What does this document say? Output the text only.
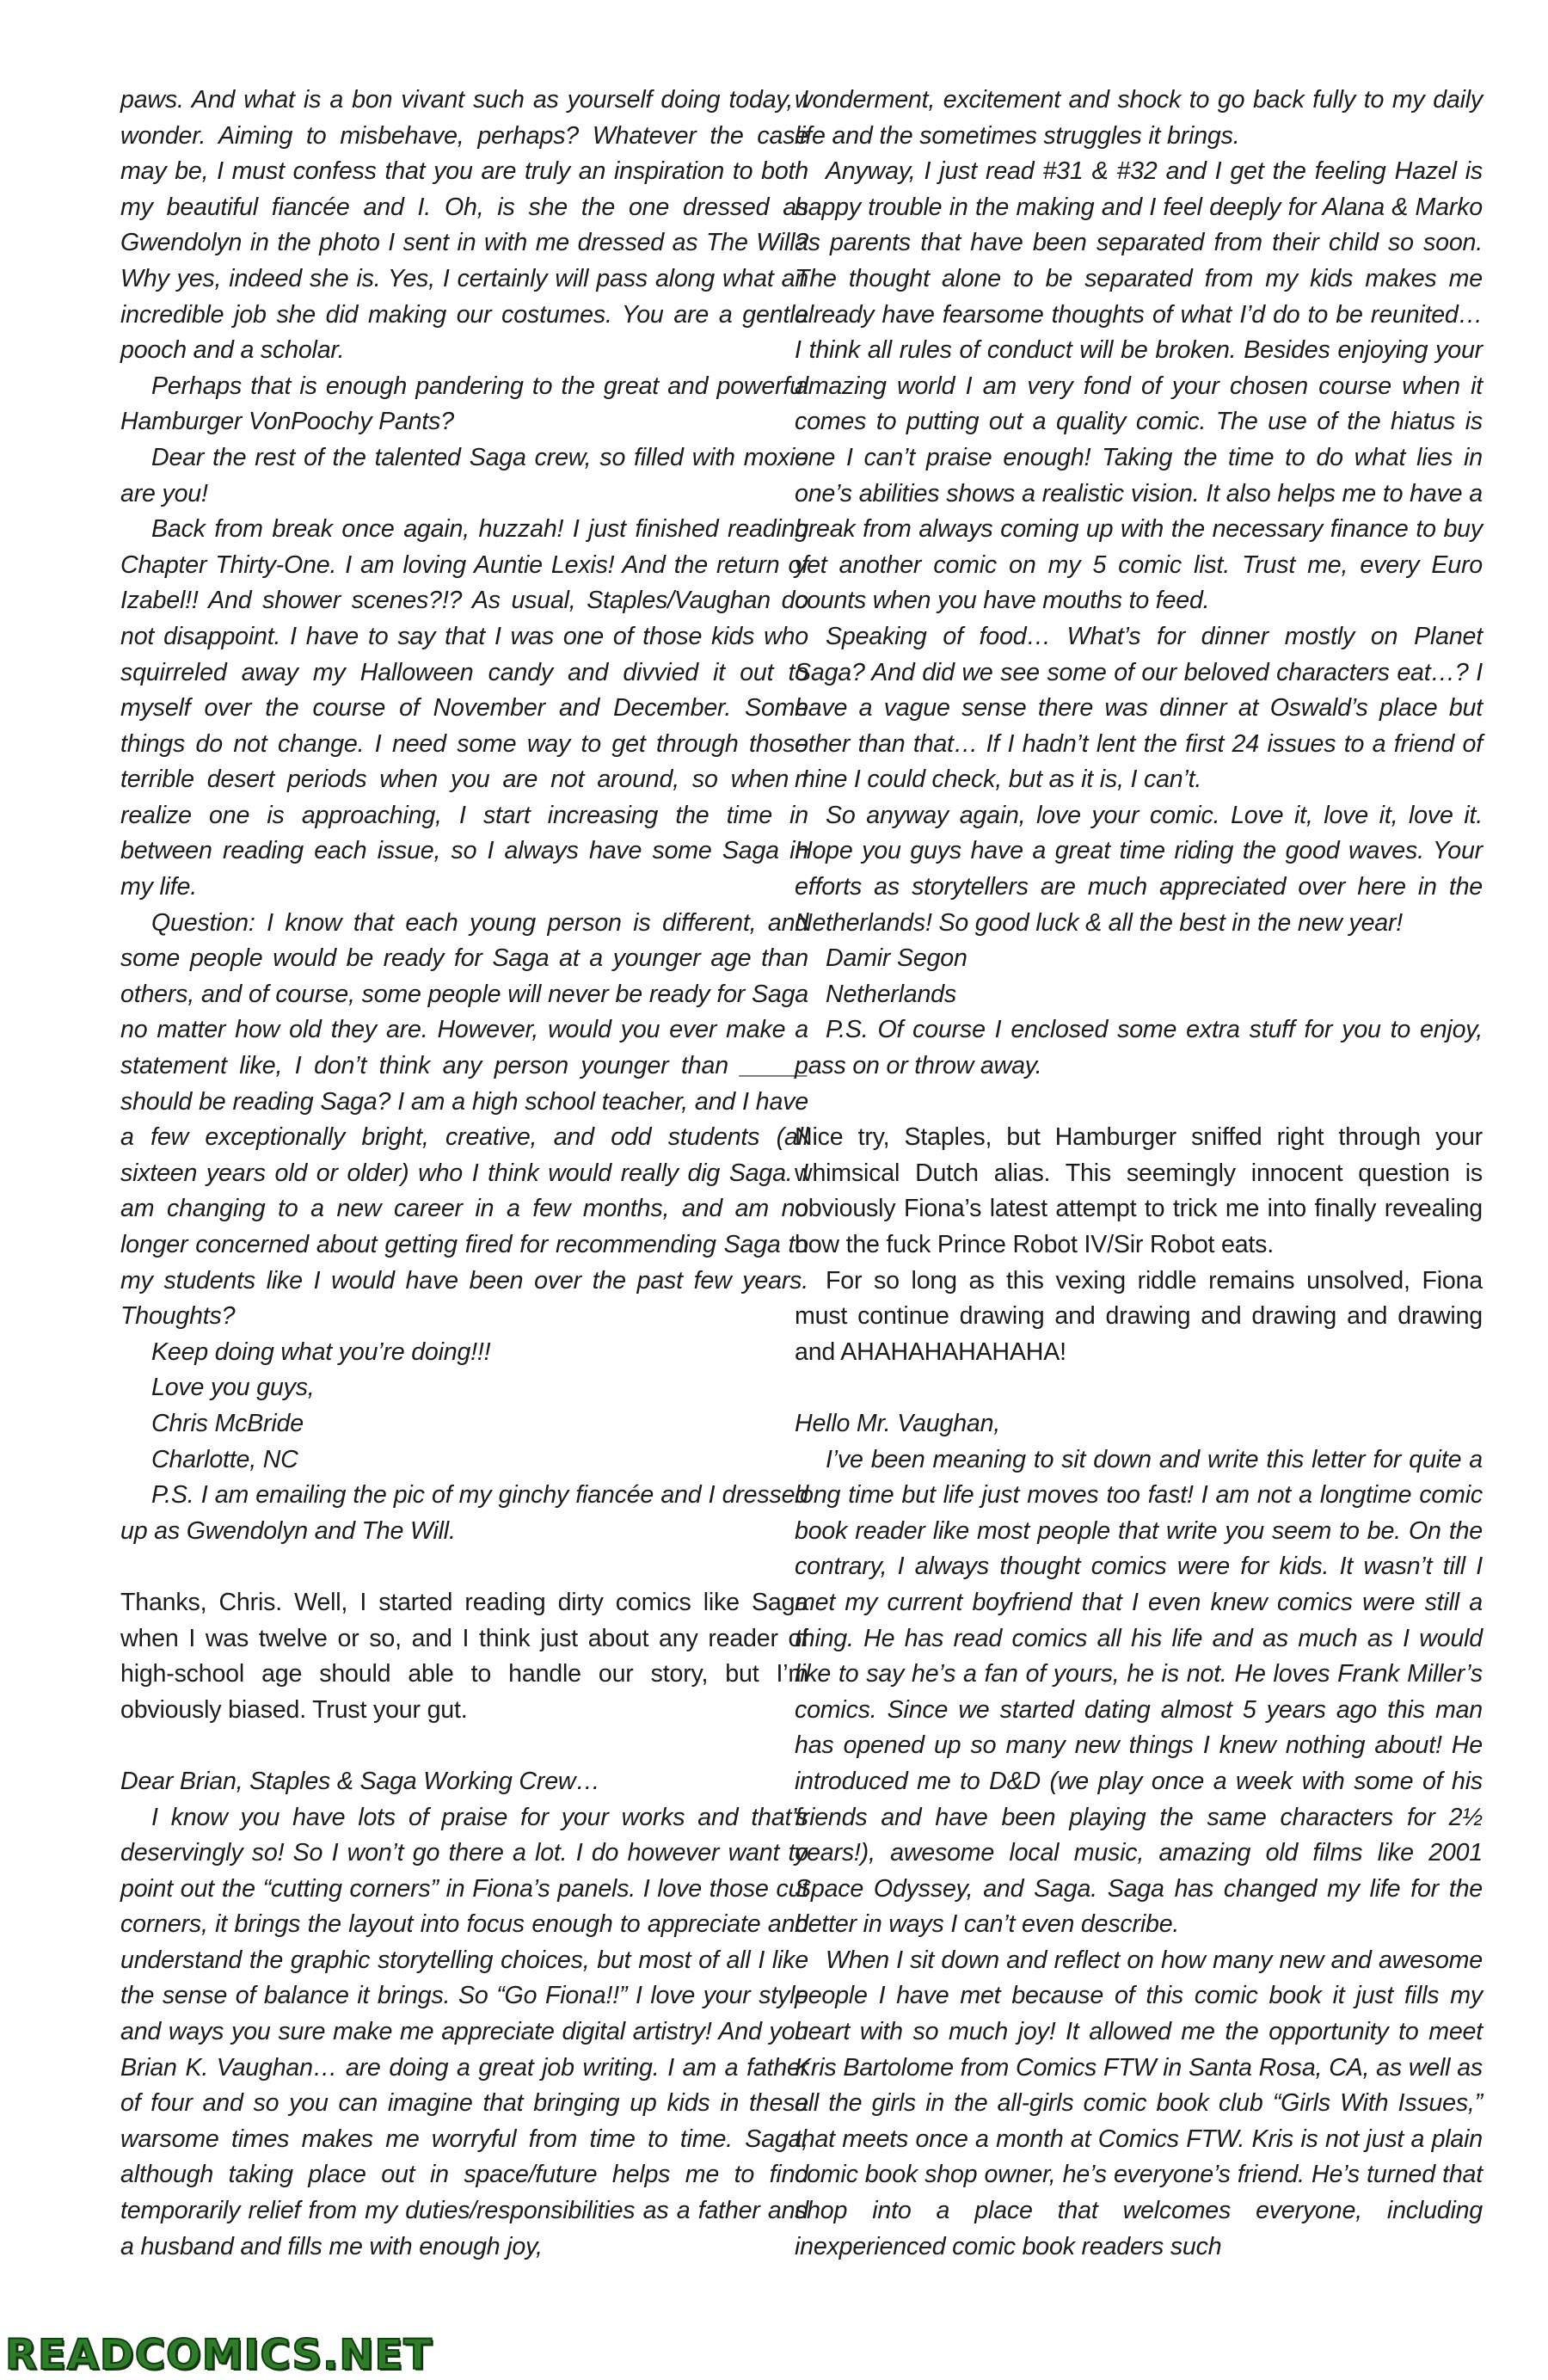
paws. And what is a bon vivant such as yourself doing today, I wonder. Aiming to misbehave, perhaps? Whatever the case may be, I must confess that you are truly an inspiration to both my beautiful fiancée and I. Oh, is she the one dressed as Gwendolyn in the photo I sent in with me dressed as The Will? Why yes, indeed she is. Yes, I certainly will pass along what an incredible job she did making our costumes. You are a gentle pooch and a scholar.

Perhaps that is enough pandering to the great and powerful Hamburger VonPoochy Pants?

Dear the rest of the talented Saga crew, so filled with moxie are you!

Back from break once again, huzzah! I just finished reading Chapter Thirty-One. I am loving Auntie Lexis! And the return of Izabel!! And shower scenes?!? As usual, Staples/Vaughan do not disappoint. I have to say that I was one of those kids who squirreled away my Halloween candy and divvied it out to myself over the course of November and December. Some things do not change. I need some way to get through those terrible desert periods when you are not around, so when I realize one is approaching, I start increasing the time in between reading each issue, so I always have some Saga in my life.

Question: I know that each young person is different, and some people would be ready for Saga at a younger age than others, and of course, some people will never be ready for Saga no matter how old they are. However, would you ever make a statement like, I don’t think any person younger than _____ should be reading Saga? I am a high school teacher, and I have a few exceptionally bright, creative, and odd students (all sixteen years old or older) who I think would really dig Saga. I am changing to a new career in a few months, and am no longer concerned about getting fired for recommending Saga to my students like I would have been over the past few years. Thoughts?

Keep doing what you’re doing!!!

Love you guys,

Chris McBride

Charlotte, NC

P.S. I am emailing the pic of my ginchy fiancée and I dressed up as Gwendolyn and The Will.

Thanks, Chris. Well, I started reading dirty comics like Saga when I was twelve or so, and I think just about any reader of high-school age should able to handle our story, but I’m obviously biased. Trust your gut.

Dear Brian, Staples & Saga Working Crew…

I know you have lots of praise for your works and that’s deservingly so! So I won’t go there a lot. I do however want to point out the “cutting corners” in Fiona’s panels. I love those cut corners, it brings the layout into focus enough to appreciate and understand the graphic storytelling choices, but most of all I like the sense of balance it brings. So “Go Fiona!!” I love your style and ways you sure make me appreciate digital artistry! And you Brian K. Vaughan… are doing a great job writing. I am a father of four and so you can imagine that bringing up kids in these warsome times makes me worryful from time to time. Saga, although taking place out in space/future helps me to find temporarily relief from my duties/responsibilities as a father and a husband and fills me with enough joy,

wonderment, excitement and shock to go back fully to my daily life and the sometimes struggles it brings.

Anyway, I just read #31 & #32 and I get the feeling Hazel is happy trouble in the making and I feel deeply for Alana & Marko as parents that have been separated from their child so soon. The thought alone to be separated from my kids makes me already have fearsome thoughts of what I’d do to be reunited… I think all rules of conduct will be broken. Besides enjoying your amazing world I am very fond of your chosen course when it comes to putting out a quality comic. The use of the hiatus is one I can’t praise enough! Taking the time to do what lies in one’s abilities shows a realistic vision. It also helps me to have a break from always coming up with the necessary finance to buy yet another comic on my 5 comic list. Trust me, every Euro counts when you have mouths to feed.

Speaking of food… What’s for dinner mostly on Planet Saga? And did we see some of our beloved characters eat…? I have a vague sense there was dinner at Oswald’s place but other than that… If I hadn’t lent the first 24 issues to a friend of mine I could check, but as it is, I can’t.

So anyway again, love your comic. Love it, love it, love it. Hope you guys have a great time riding the good waves. Your efforts as storytellers are much appreciated over here in the Netherlands! So good luck & all the best in the new year!

Damir Segon

Netherlands

P.S. Of course I enclosed some extra stuff for you to enjoy, pass on or throw away.

Nice try, Staples, but Hamburger sniffed right through your whimsical Dutch alias. This seemingly innocent question is obviously Fiona’s latest attempt to trick me into finally revealing how the fuck Prince Robot IV/Sir Robot eats.

For so long as this vexing riddle remains unsolved, Fiona must continue drawing and drawing and drawing and drawing and AHAHAHAHAHAHA!

Hello Mr. Vaughan,

I’ve been meaning to sit down and write this letter for quite a long time but life just moves too fast! I am not a longtime comic book reader like most people that write you seem to be. On the contrary, I always thought comics were for kids. It wasn’t till I met my current boyfriend that I even knew comics were still a thing. He has read comics all his life and as much as I would like to say he’s a fan of yours, he is not. He loves Frank Miller’s comics. Since we started dating almost 5 years ago this man has opened up so many new things I knew nothing about! He introduced me to D&D (we play once a week with some of his friends and have been playing the same characters for 2½ years!), awesome local music, amazing old films like 2001 Space Odyssey, and Saga. Saga has changed my life for the better in ways I can’t even describe.

When I sit down and reflect on how many new and awesome people I have met because of this comic book it just fills my heart with so much joy! It allowed me the opportunity to meet Kris Bartolome from Comics FTW in Santa Rosa, CA, as well as all the girls in the all-girls comic book club “Girls With Issues,” that meets once a month at Comics FTW. Kris is not just a plain comic book shop owner, he’s everyone’s friend. He’s turned that shop into a place that welcomes everyone, including inexperienced comic book readers such

READCOMICS.NET
